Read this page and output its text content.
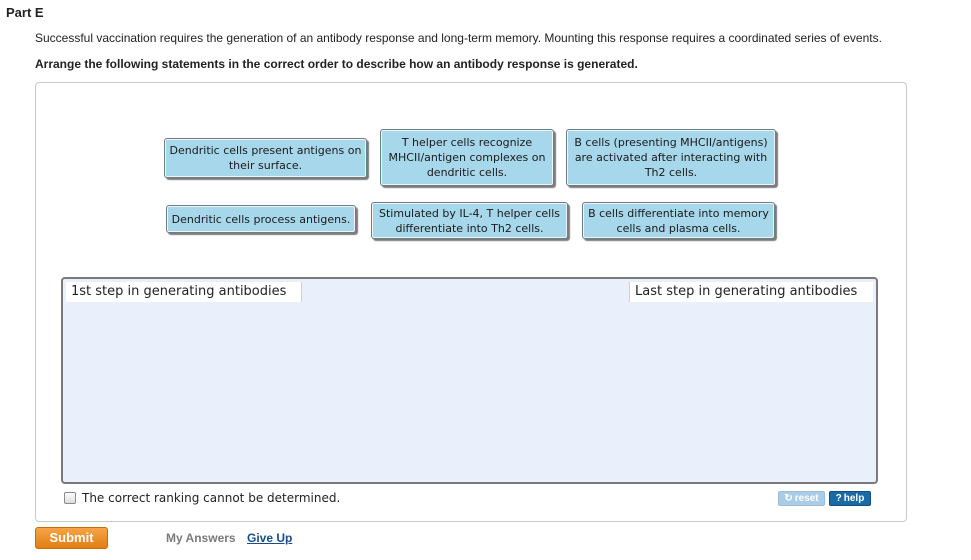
Part E
Successful vaccination requires the generation of an antibody response and long-term memory. Mounting this response requires a coordinated series of events.
Arrange the following statements in the correct order to describe how an antibody response is generated.
Dendritic cells present antigens on their surface.
T helper cells recognize MHCII/antigen complexes on dendritic cells.
B cells (presenting MHCII/antigens) are activated after interacting with Th2 cells.
Dendritic cells process antigens.	Stimulated by IL-4, T helper cells differentiate into Th2 cells.
B cells differentiate into memory cells and plasma cells.
1st step in generating antibodies	Last step in generating antibodies
The correct ranking cannot be determined.	↻ reset ? help
Submit	My Answers Give Up
